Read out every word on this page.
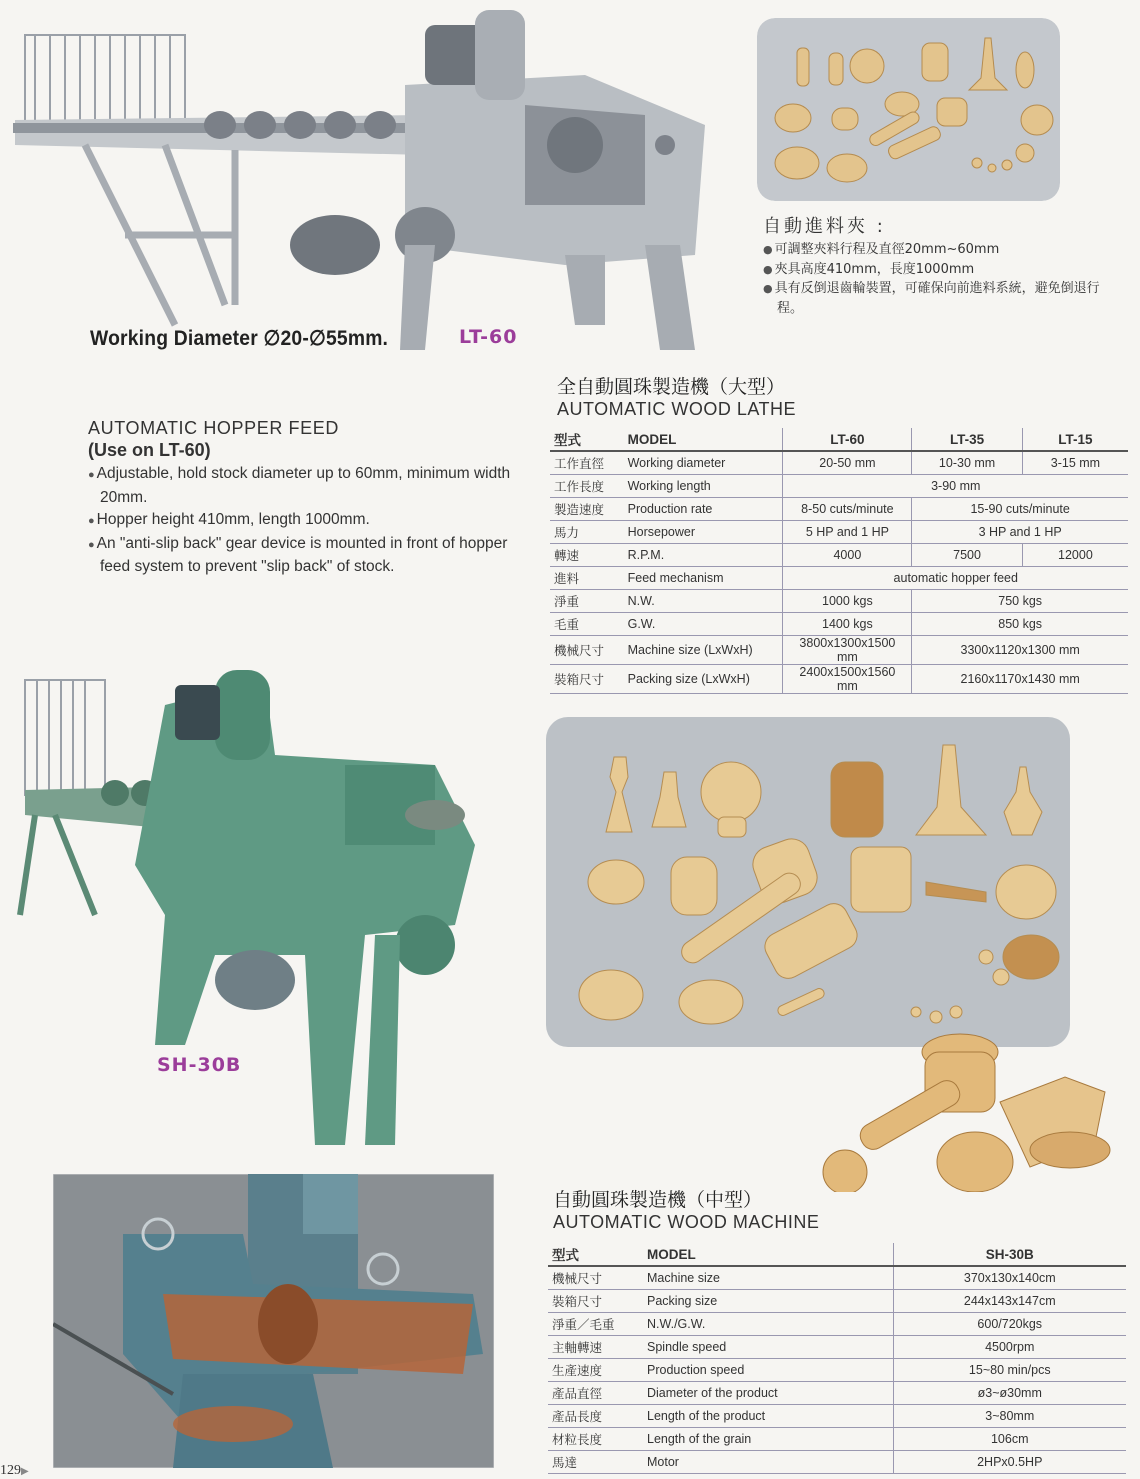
Working Diameter ∅20-∅55mm.	LT-60
自動進料夾 :
● 可調整夾料行程及直徑20mm~60mm
● 夾具高度410mm，長度1000mm
● 具有反倒退齒輪裝置，可確保向前進料系統，避免倒退行程。
全自動圓珠製造機（大型）
AUTOMATIC WOOD LATHE
AUTOMATIC HOPPER FEED
(Use on LT-60)
● Adjustable, hold stock diameter up to 60mm, minimum width 20mm.
● Hopper height 410mm, length 1000mm.
● An "anti-slip back" gear device is mounted in front of hopper feed system to prevent "slip back" of stock.
型式	MODEL	LT-60	LT-35	LT-15
工作直徑	Working diameter	20-50 mm	10-30 mm	3-15 mm
工作長度	Working length	3-90 mm		
製造速度	Production rate	8-50 cuts/minute	15-90 cuts/minute	
馬力	Horsepower	5 HP and 1 HP	3 HP and 1 HP	
轉速	R.P.M.	4000	7500	12000
進料	Feed mechanism	automatic hopper feed		
淨重	N.W.	1000 kgs	750 kgs	
毛重	G.W.	1400 kgs	850 kgs	
機械尺寸	Machine size (LxWxH)	3800x1300x1500 mm	3300x1120x1300 mm	
裝箱尺寸	Packing size (LxWxH)	2400x1500x1560 mm	2160x1170x1430 mm	
SH-30B
自動圓珠製造機（中型）
AUTOMATIC WOOD MACHINE
型式	MODEL	SH-30B
機械尺寸	Machine size	370x130x140cm
裝箱尺寸	Packing size	244x143x147cm
淨重／毛重	N.W./G.W.	600/720kgs
主軸轉速	Spindle speed	4500rpm
生產速度	Production speed	15~80 min/pcs
產品直徑	Diameter of the product	ø3~ø30mm
產品長度	Length of the product	3~80mm
材粒長度	Length of the grain	106cm
馬達	Motor	2HPx0.5HP
129▶
